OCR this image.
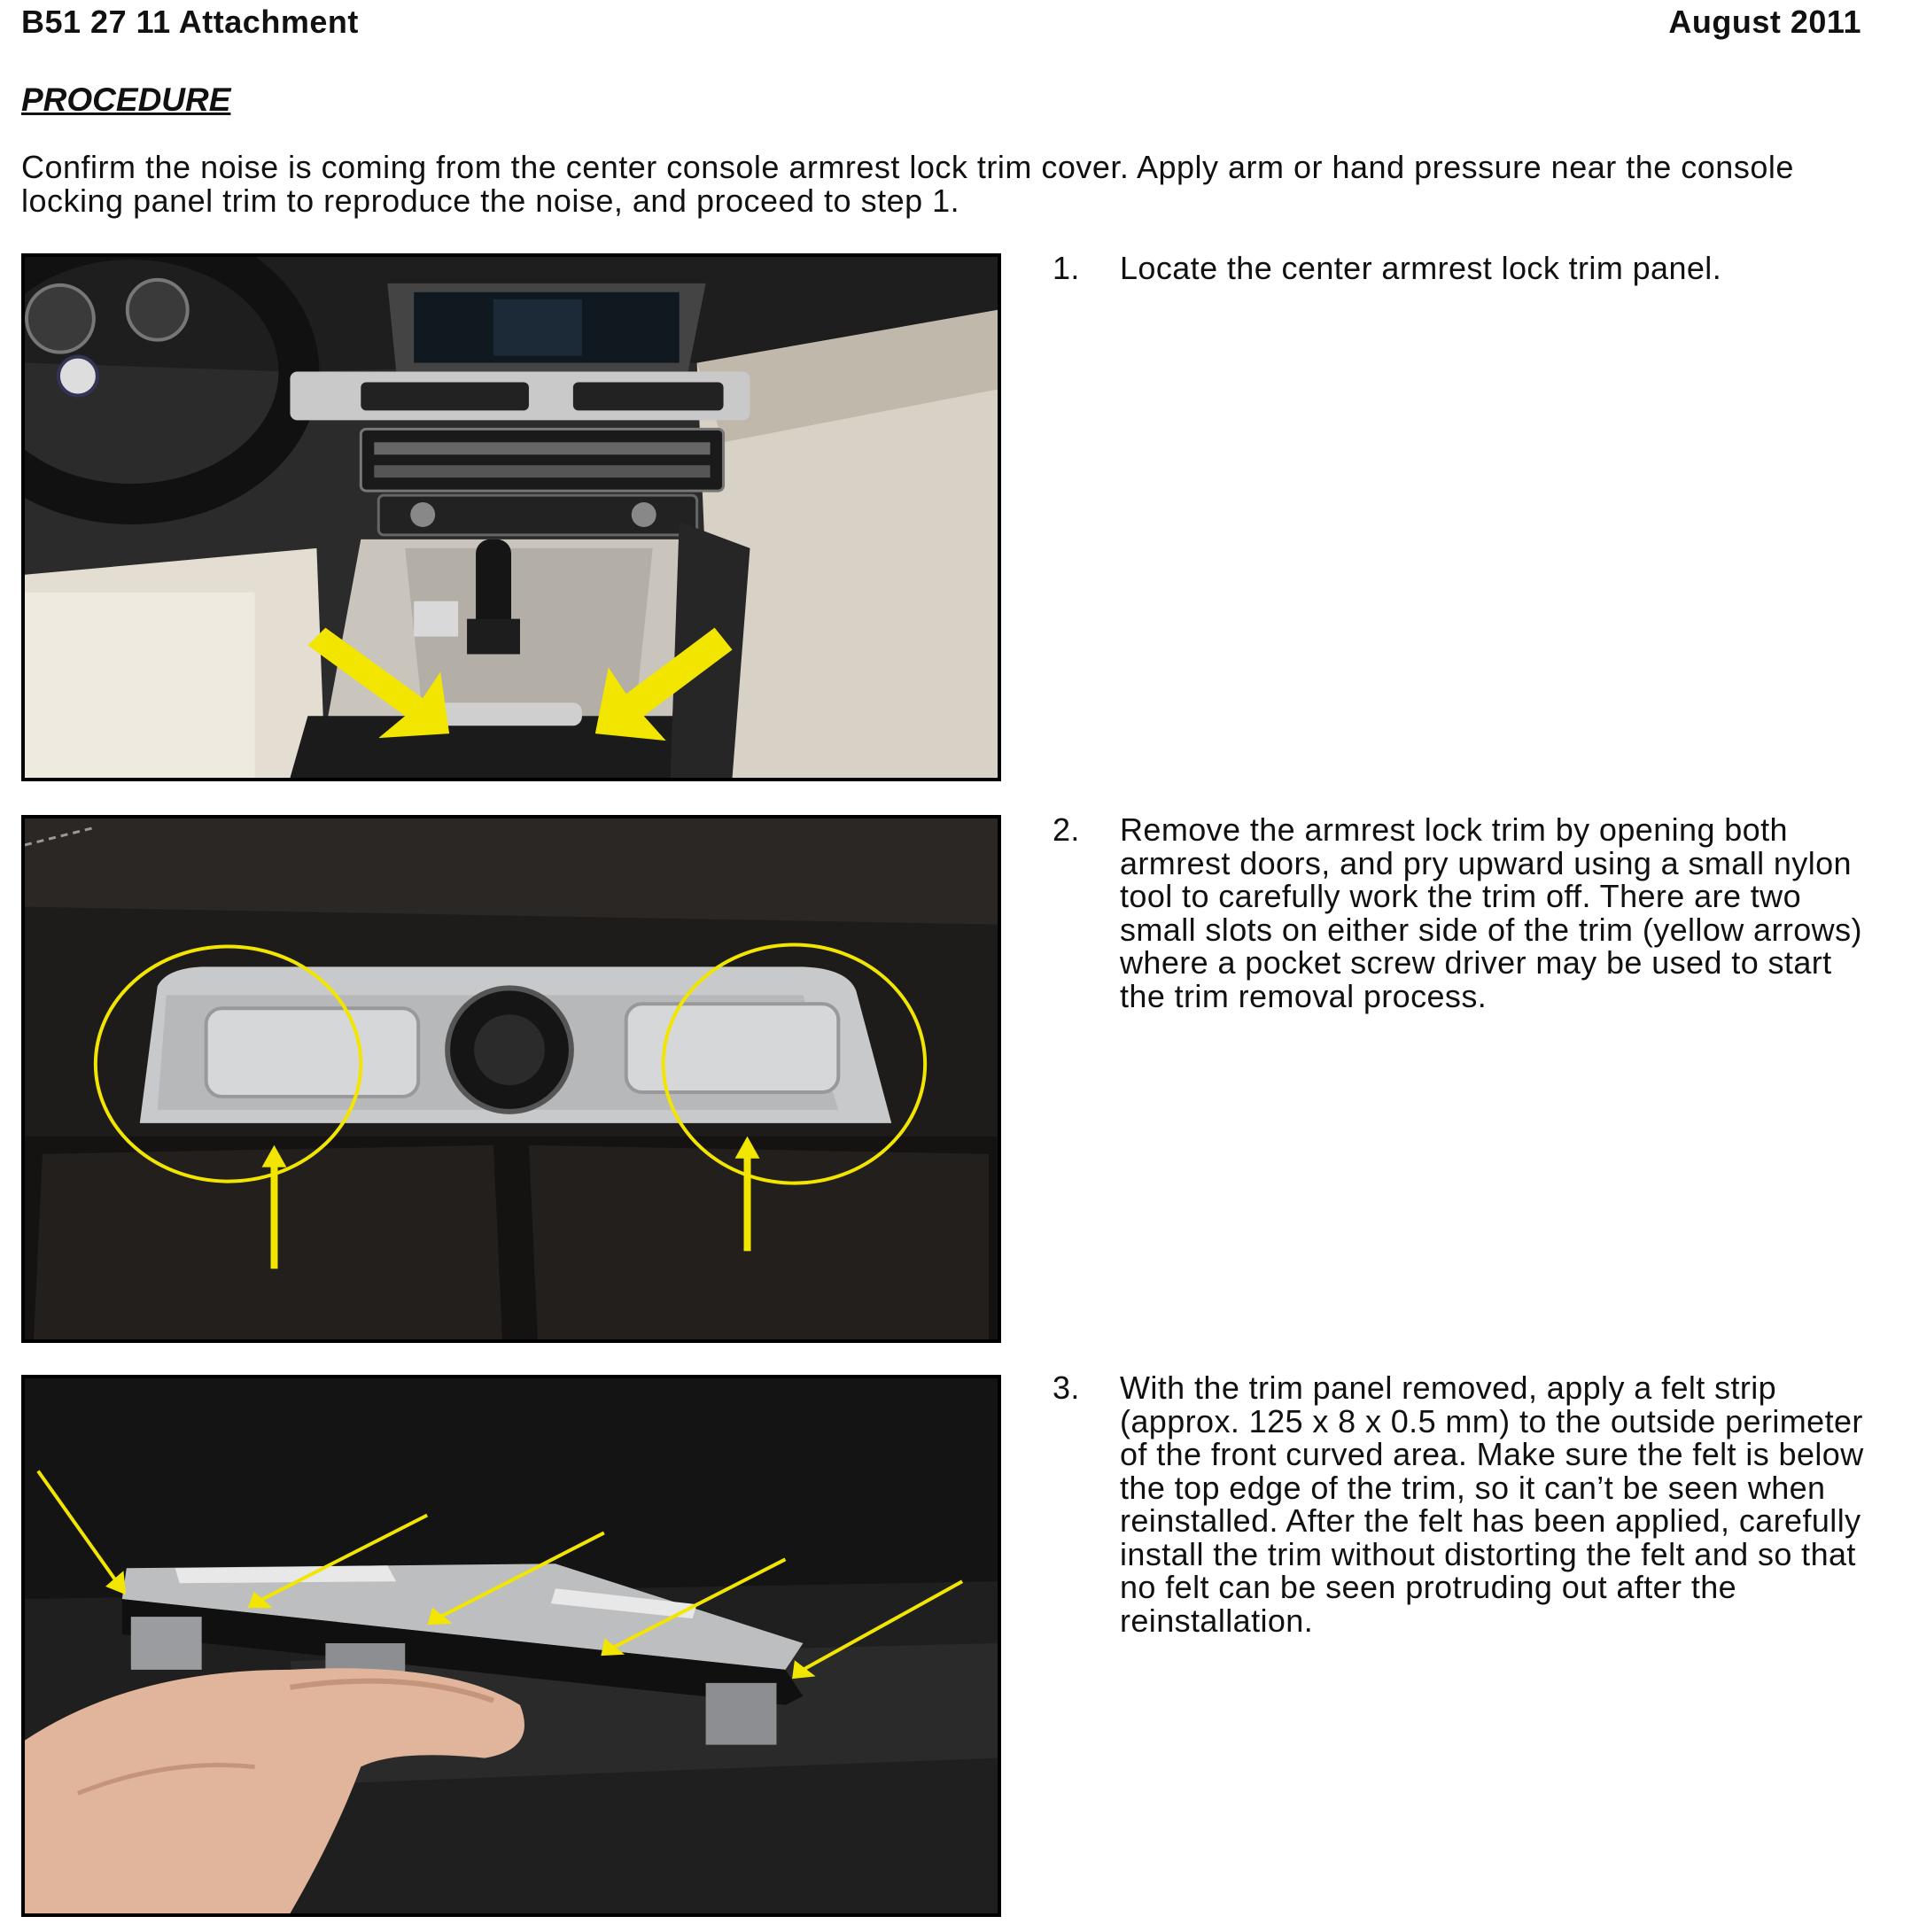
B51 27 11 Attachment	August 2011
PROCEDURE
Confirm the noise is coming from the center console armrest lock trim cover. Apply arm or hand pressure near the console locking panel trim to reproduce the noise, and proceed to step 1.
1.	Locate the center armrest lock trim panel.
2.	Remove the armrest lock trim by opening both armrest doors, and pry upward using a small nylon tool to carefully work the trim off. There are two small slots on either side of the trim (yellow arrows) where a pocket screw driver may be used to start the trim removal process.
3.	With the trim panel removed, apply a felt strip (approx. 125 x 8 x 0.5 mm) to the outside perimeter of the front curved area. Make sure the felt is below the top edge of the trim, so it can’t be seen when reinstalled. After the felt has been applied, carefully install the trim without distorting the felt and so that no felt can be seen protruding out after the reinstallation.
